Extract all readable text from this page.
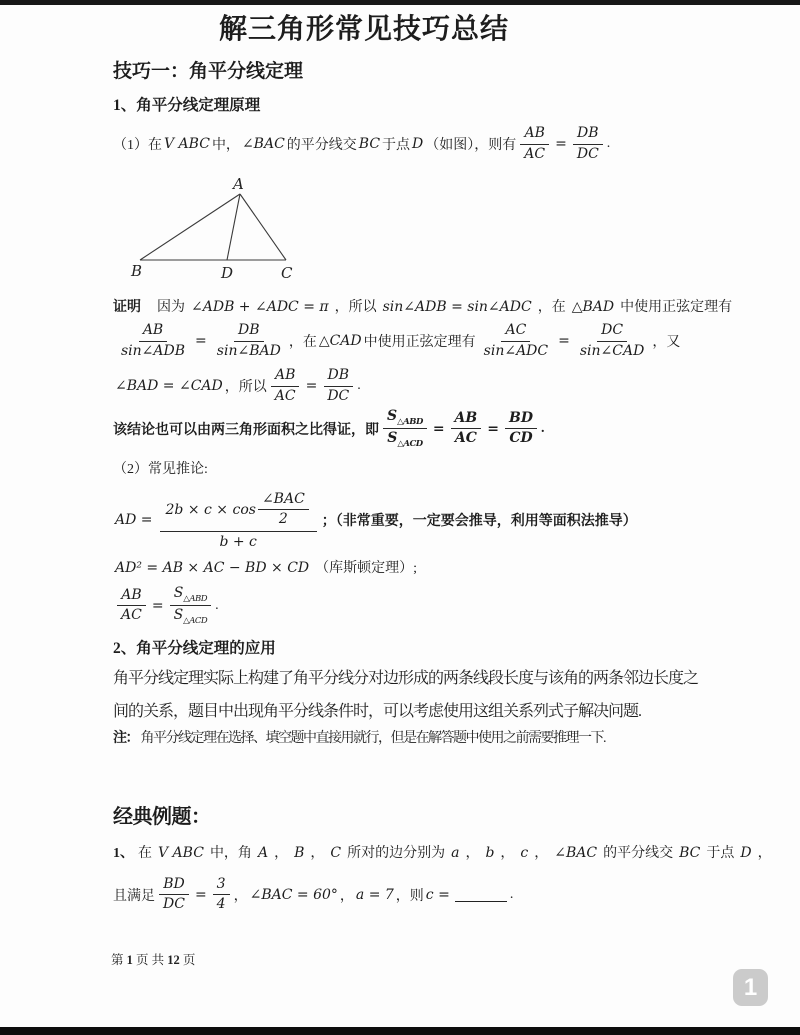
解三角形常见技巧总结
技巧一：角平分线定理
1、角平分线定理原理
（1）在 V ABC 中， ∠BAC 的平分线交 BC 于点 D （如图），则有 $\frac{AB}{AC} = \frac{DB}{DC}$ .
A
B	D	C
证明 因为 ∠ADB + ∠ADC = π ，所以 sin∠ADB = sin∠ADC ，在 △BAD 中使用正弦定理有
$\frac{AB}{\text{sin∠ADB}} = \frac{DB}{\text{sin∠BAD}}$ ，在 △CAD 中使用正弦定理有 $\frac{AC}{\text{sin∠ADC}} = \frac{DC}{\text{sin∠CAD}}$ ，又
∠BAD = ∠CAD ，所以 $\frac{AB}{AC} = \frac{DB}{DC}$ .
该结论也可以由两三角形面积之比得证，即 $\frac{S_{\triangle ABD}}{S_{\triangle ACD}} = \frac{AB}{AC} = \frac{BD}{CD}$ .
（2）常见推论:
AD =
$2b \times c \times \cos \frac{\text{∠BAC}}{2}$
b + c
；（非常重要，一定要会推导，利用等面积法推导）
AD² = AB × AC − BD × CD （库斯顿定理）;
$\frac{AB}{AC} = \frac{S_{\triangle ABD}}{S_{\triangle ACD}}$ .
2、角平分线定理的应用
角平分线定理实际上构建了角平分线分对边形成的两条线段长度与该角的两条邻边长度之
间的关系，题目中出现角平分线条件时，可以考虑使用这组关系列式子解决问题.
注： 角平分线定理在选择、填空题中直接用就行，但是在解答题中使用之前需要推理一下.
经典例题：
1、 在 V ABC 中，角 A ， B ， C 所对的边分别为 a ， b ， c ， ∠BAC 的平分线交 BC 于点 D ，
且满足 $\frac{BD}{DC} = \frac{3}{4}$ ， ∠BAC = 60° ， a = 7 ，则 c =	.
第 1 页 共 12 页
1
